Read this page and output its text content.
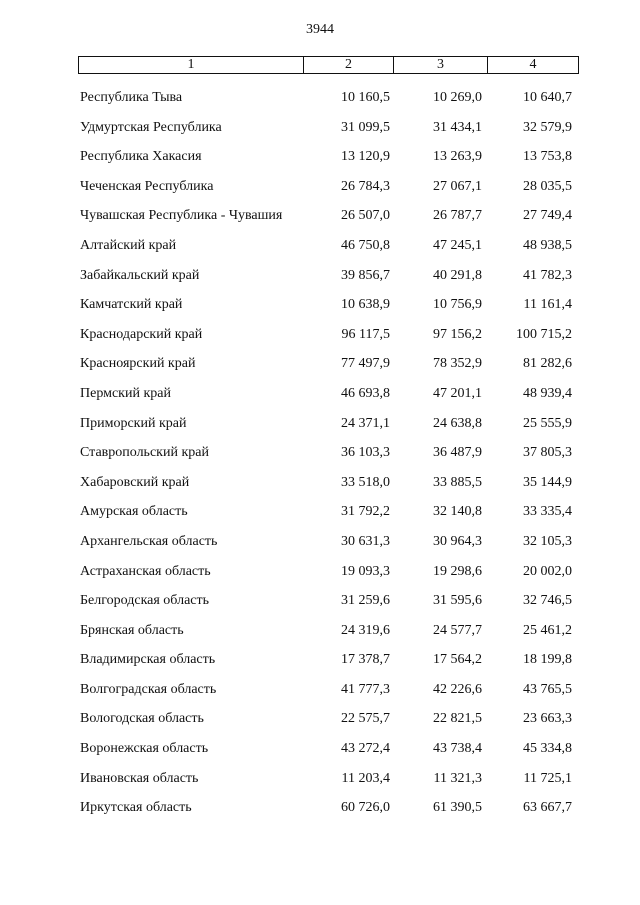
3944
1	2	3	4
Республика Тыва	10 160,5	10 269,0	10 640,7
Удмуртская Республика	31 099,5	31 434,1	32 579,9
Республика Хакасия	13 120,9	13 263,9	13 753,8
Чеченская Республика	26 784,3	27 067,1	28 035,5
Чувашская Республика - Чувашия	26 507,0	26 787,7	27 749,4
Алтайский край	46 750,8	47 245,1	48 938,5
Забайкальский край	39 856,7	40 291,8	41 782,3
Камчатский край	10 638,9	10 756,9	11 161,4
Краснодарский край	96 117,5	97 156,2	100 715,2
Красноярский край	77 497,9	78 352,9	81 282,6
Пермский край	46 693,8	47 201,1	48 939,4
Приморский край	24 371,1	24 638,8	25 555,9
Ставропольский край	36 103,3	36 487,9	37 805,3
Хабаровский край	33 518,0	33 885,5	35 144,9
Амурская область	31 792,2	32 140,8	33 335,4
Архангельская область	30 631,3	30 964,3	32 105,3
Астраханская область	19 093,3	19 298,6	20 002,0
Белгородская область	31 259,6	31 595,6	32 746,5
Брянская область	24 319,6	24 577,7	25 461,2
Владимирская область	17 378,7	17 564,2	18 199,8
Волгоградская область	41 777,3	42 226,6	43 765,5
Вологодская область	22 575,7	22 821,5	23 663,3
Воронежская область	43 272,4	43 738,4	45 334,8
Ивановская область	11 203,4	11 321,3	11 725,1
Иркутская область	60 726,0	61 390,5	63 667,7
